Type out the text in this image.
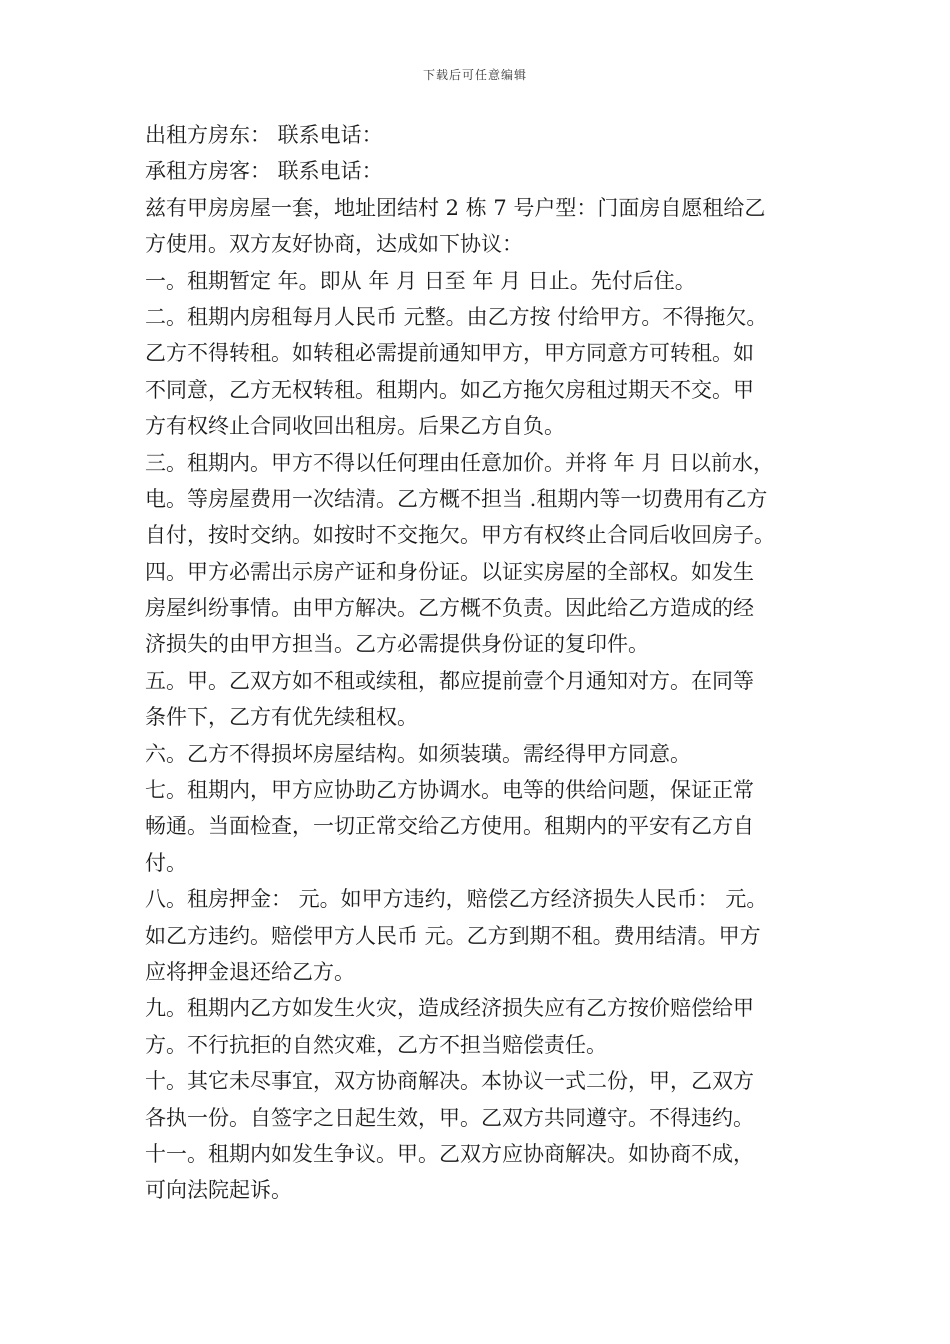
下载后可任意编辑
出租方房东： 联系电话：
承租方房客： 联系电话：
兹有甲房房屋一套，地址团结村 2 栋 7 号户型：门面房自愿租给乙
方使用。双方友好协商，达成如下协议：
一。租期暂定 年。即从 年 月 日至 年 月 日止。先付后住。
二。租期内房租每月人民币 元整。由乙方按 付给甲方。不得拖欠。
乙方不得转租。如转租必需提前通知甲方，甲方同意方可转租。如
不同意，乙方无权转租。租期内。如乙方拖欠房租过期天不交。甲
方有权终止合同收回出租房。后果乙方自负。
三。租期内。甲方不得以任何理由任意加价。并将 年 月 日以前水，
电。等房屋费用一次结清。乙方概不担当 .租期内等一切费用有乙方
自付，按时交纳。如按时不交拖欠。甲方有权终止合同后收回房子。
四。甲方必需出示房产证和身份证。以证实房屋的全部权。如发生
房屋纠纷事情。由甲方解决。乙方概不负责。因此给乙方造成的经
济损失的由甲方担当。乙方必需提供身份证的复印件。
五。甲。乙双方如不租或续租，都应提前壹个月通知对方。在同等
条件下，乙方有优先续租权。
六。乙方不得损坏房屋结构。如须装璜。需经得甲方同意。
七。租期内，甲方应协助乙方协调水。电等的供给问题，保证正常
畅通。当面检查，一切正常交给乙方使用。租期内的平安有乙方自
付。
八。租房押金： 元。如甲方违约，赔偿乙方经济损失人民币： 元。
如乙方违约。赔偿甲方人民币 元。乙方到期不租。费用结清。甲方
应将押金退还给乙方。
九。租期内乙方如发生火灾，造成经济损失应有乙方按价赔偿给甲
方。不行抗拒的自然灾难，乙方不担当赔偿责任。
十。其它未尽事宜，双方协商解决。本协议一式二份，甲，乙双方
各执一份。自签字之日起生效，甲。乙双方共同遵守。不得违约。
十一。租期内如发生争议。甲。乙双方应协商解决。如协商不成，
可向法院起诉。
